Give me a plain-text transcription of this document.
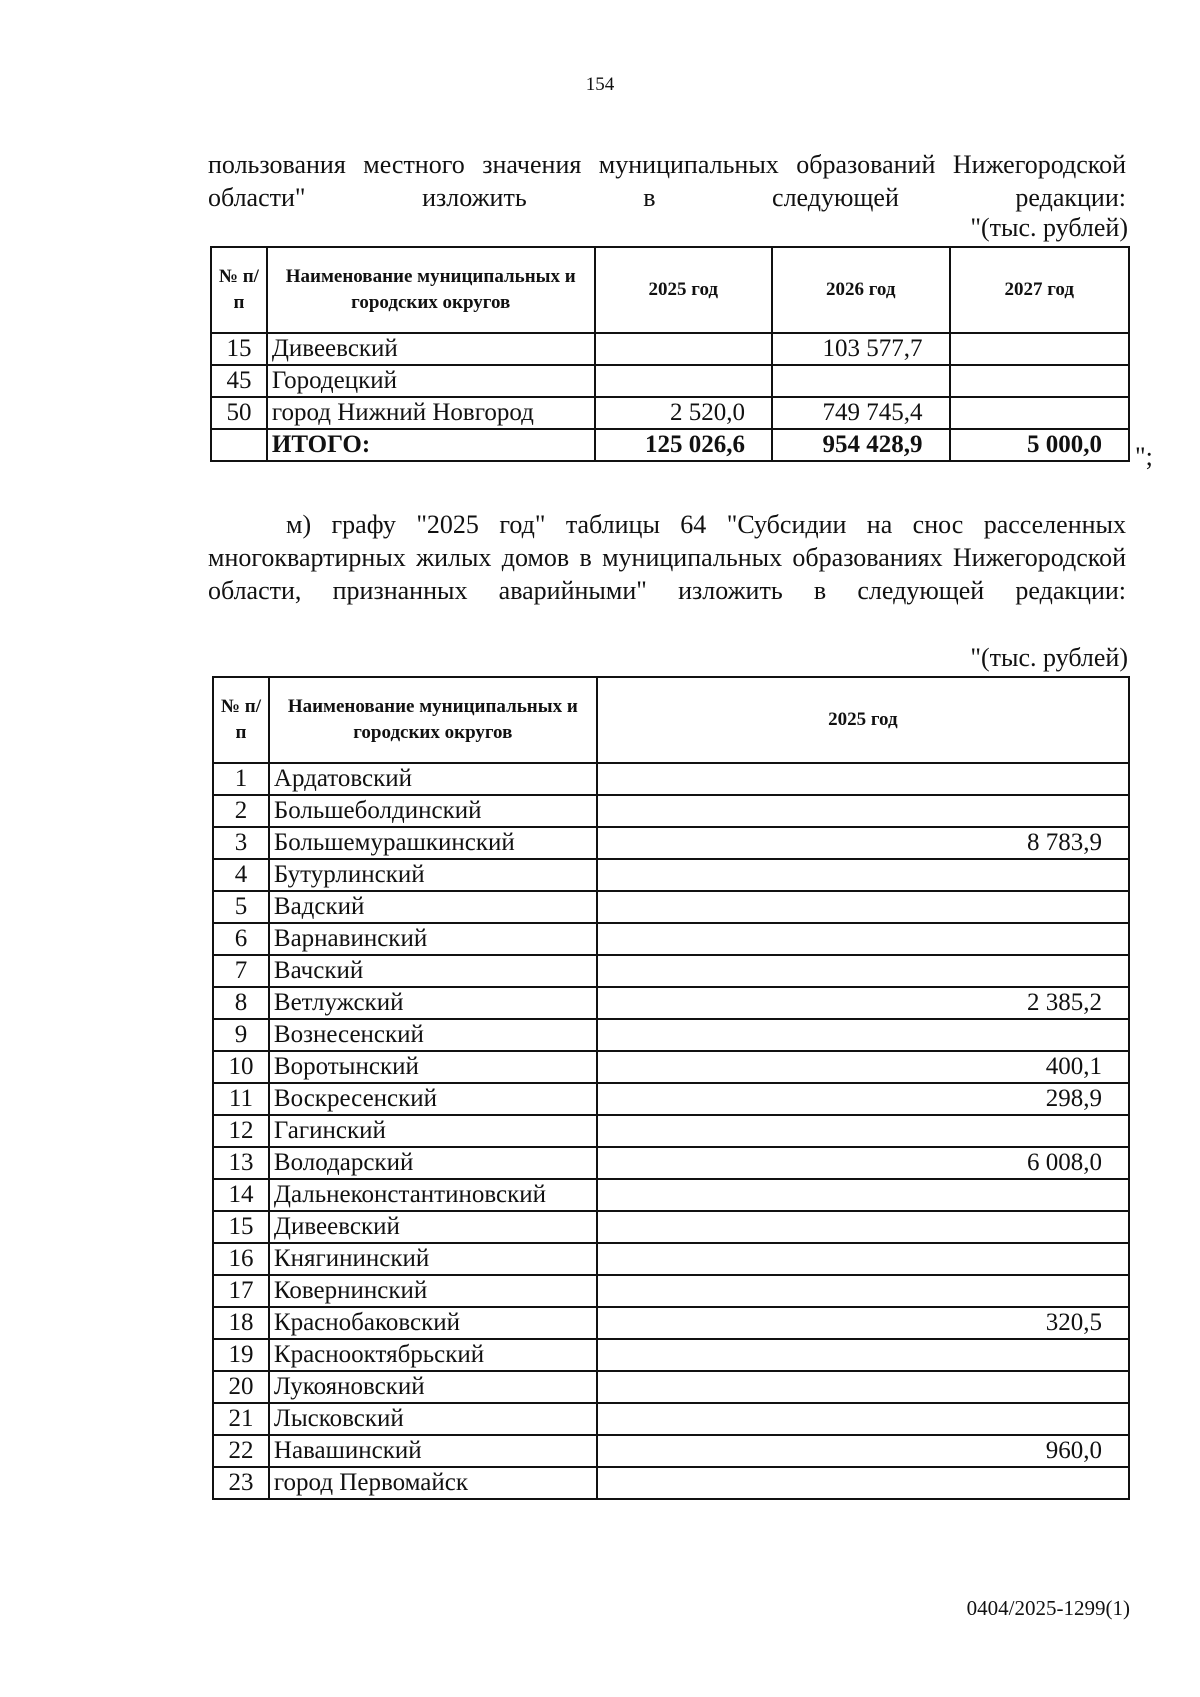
154
пользования местного значения муниципальных образований Нижегородской области" изложить в следующей редакции:
"(тыс. рублей)
№ п/п	Наименование муниципальных и городских округов	2025 год	2026 год	2027 год
15	Дивеевский		103 577,7	
45	Городецкий			
50	город Нижний Новгород	2 520,0	749 745,4	
	ИТОГО:	125 026,6	954 428,9	5 000,0 ";
м) графу "2025 год" таблицы 64 "Субсидии на снос расселенных многоквартирных жилых домов в муниципальных образованиях Нижегородской области, признанных аварийными" изложить в следующей редакции:
"(тыс. рублей)
№ п/п	Наименование муниципальных и городских округов	2025 год
1	Ардатовский	
2	Большеболдинский	
3	Большемурашкинский	8 783,9
4	Бутурлинский	
5	Вадский	
6	Варнавинский	
7	Вачский	
8	Ветлужский	2 385,2
9	Вознесенский	
10	Воротынский	400,1
11	Воскресенский	298,9
12	Гагинский	
13	Володарский	6 008,0
14	Дальнеконстантиновский	
15	Дивеевский	
16	Княгининский	
17	Ковернинский	
18	Краснобаковский	320,5
19	Краснооктябрьский	
20	Лукояновский	
21	Лысковский	
22	Навашинский	960,0
23	город Первомайск	
0404/2025-1299(1)
